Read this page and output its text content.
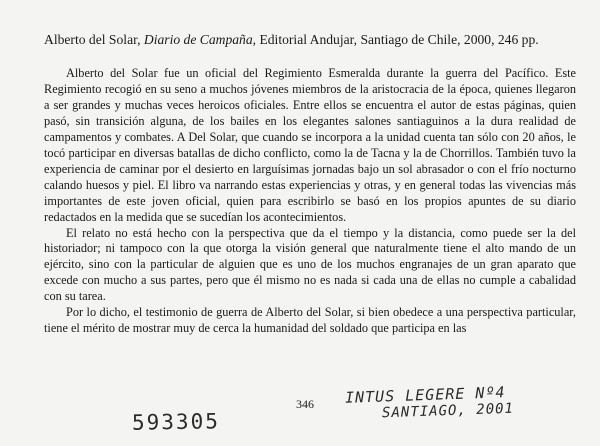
Alberto del Solar, Diario de Campaña, Editorial Andujar, Santiago de Chile, 2000, 246 pp.

Alberto del Solar fue un oficial del Regimiento Esmeralda durante la guerra del Pacífico. Este Regimiento recogió en su seno a muchos jóvenes miembros de la aristocracia de la época, quienes llegaron a ser grandes y muchas veces heroicos oficiales. Entre ellos se encuentra el autor de estas páginas, quien pasó, sin transición alguna, de los bailes en los elegantes salones santiaguinos a la dura realidad de campamentos y combates. A Del Solar, que cuando se incorpora a la unidad cuenta tan sólo con 20 años, le tocó participar en diversas batallas de dicho conflicto, como la de Tacna y la de Chorrillos. También tuvo la experiencia de caminar por el desierto en larguísimas jornadas bajo un sol abrasador o con el frío nocturno calando huesos y piel. El libro va narrando estas experiencias y otras, y en general todas las vivencias más importantes de este joven oficial, quien para escribirlo se basó en los propios apuntes de su diario redactados en la medida que se sucedían los acontecimientos.

El relato no está hecho con la perspectiva que da el tiempo y la distancia, como puede ser la del historiador; ni tampoco con la que otorga la visión general que naturalmente tiene el alto mando de un ejército, sino con la particular de alguien que es uno de los muchos engranajes de un gran aparato que excede con mucho a sus partes, pero que él mismo no es nada si cada una de ellas no cumple a cabalidad con su tarea.

Por lo dicho, el testimonio de guerra de Alberto del Solar, si bien obedece a una perspectiva particular, tiene el mérito de mostrar muy de cerca la humanidad del soldado que participa en las

346 INTUS LEGERE Nº4
SANTIAGO, 2001
593305
